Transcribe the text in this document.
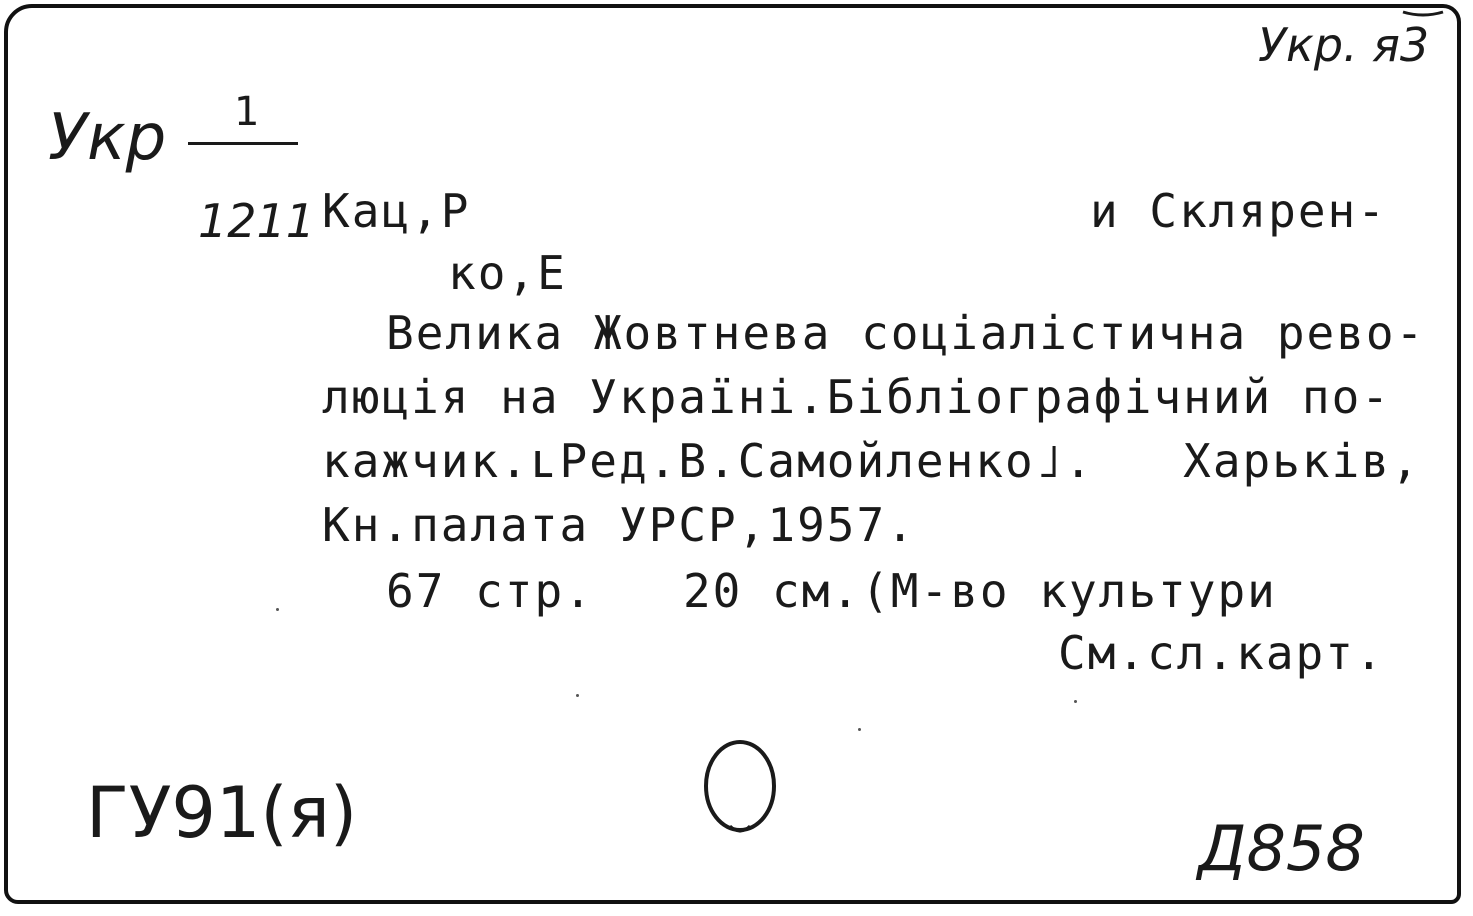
Укр. я3
Укр 1
1211 Кац,Р	и Склярен-
ко,Е
Велика Жовтнева соціалістична рево-
люція на Україні.Бібліографічний по-
кажчик.ʟРед.В.Самойленко˩.   Харьків,
Кн.палата УРСР,1957.
67 стр.   20 см.(М-во культури
См.сл.карт.
ГУ91(я)	Д858
